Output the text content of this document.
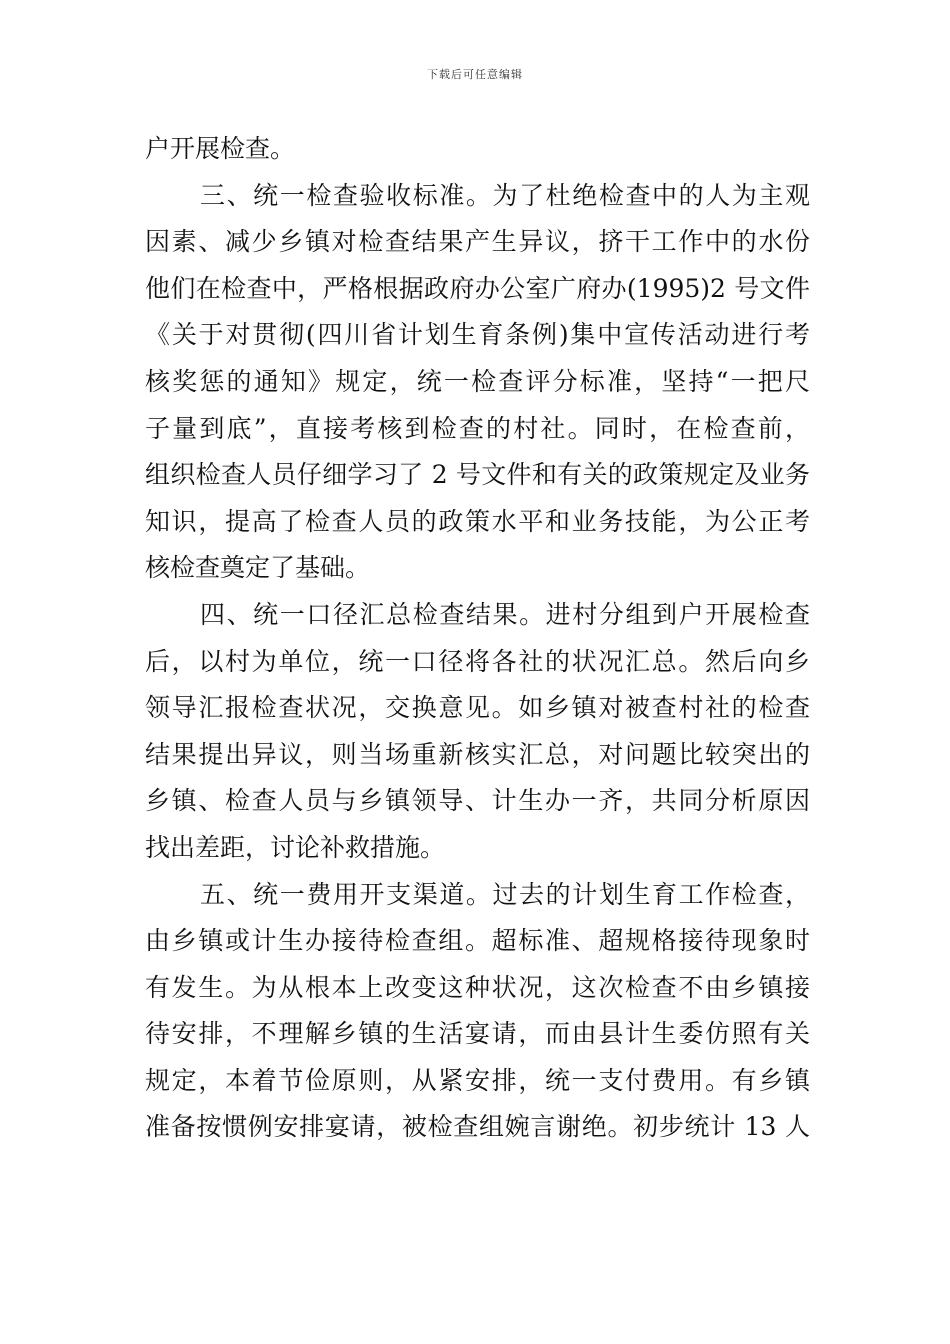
下载后可任意编辑
户开展检查。
三、统一检查验收标准。为了杜绝检查中的人为主观
因素、减少乡镇对检查结果产生异议，挤干工作中的水份
他们在检查中，严格根据政府办公室广府办(1995)2 号文件
《关于对贯彻(四川省计划生育条例)集中宣传活动进行考
核奖惩的通知》规定，统一检查评分标准，坚持“一把尺
子量到底”，直接考核到检查的村社。同时，在检查前，
组织检查人员仔细学习了 2 号文件和有关的政策规定及业务
知识，提高了检查人员的政策水平和业务技能，为公正考
核检查奠定了基础。
四、统一口径汇总检查结果。进村分组到户开展检查
后，以村为单位，统一口径将各社的状况汇总。然后向乡
领导汇报检查状况，交换意见。如乡镇对被查村社的检查
结果提出异议，则当场重新核实汇总，对问题比较突出的
乡镇、检查人员与乡镇领导、计生办一齐，共同分析原因
找出差距，讨论补救措施。
五、统一费用开支渠道。过去的计划生育工作检查，
由乡镇或计生办接待检查组。超标准、超规格接待现象时
有发生。为从根本上改变这种状况，这次检查不由乡镇接
待安排，不理解乡镇的生活宴请，而由县计生委仿照有关
规定，本着节俭原则，从紧安排，统一支付费用。有乡镇
准备按惯例安排宴请，被检查组婉言谢绝。初步统计 13 人
